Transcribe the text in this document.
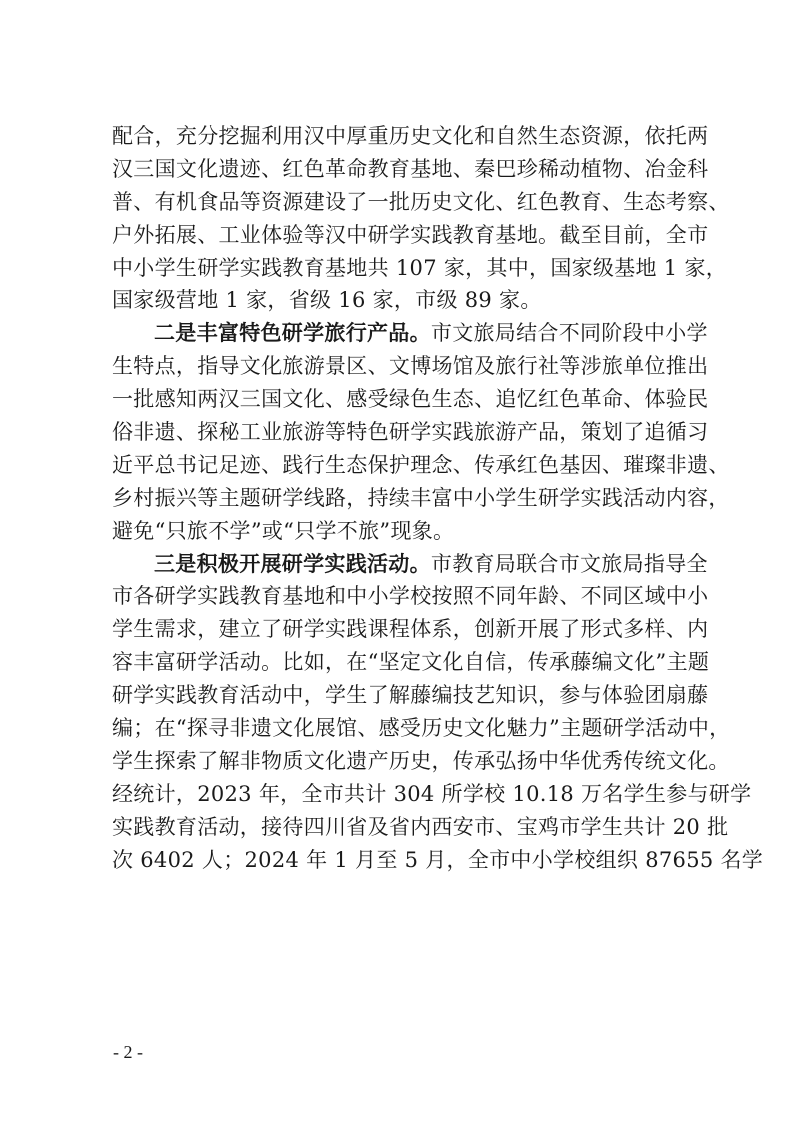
配合，充分挖掘利用汉中厚重历史文化和自然生态资源，依托两
汉三国文化遗迹、红色革命教育基地、秦巴珍稀动植物、冶金科
普、有机食品等资源建设了一批历史文化、红色教育、生态考察、
户外拓展、工业体验等汉中研学实践教育基地。截至目前，全市
中小学生研学实践教育基地共 107 家，其中，国家级基地 1 家，
国家级营地 1 家，省级 16 家，市级 89 家。
二是丰富特色研学旅行产品。市文旅局结合不同阶段中小学
生特点，指导文化旅游景区、文博场馆及旅行社等涉旅单位推出
一批感知两汉三国文化、感受绿色生态、追忆红色革命、体验民
俗非遗、探秘工业旅游等特色研学实践旅游产品，策划了追循习
近平总书记足迹、践行生态保护理念、传承红色基因、璀璨非遗、
乡村振兴等主题研学线路，持续丰富中小学生研学实践活动内容，
避免“只旅不学”或“只学不旅”现象。
三是积极开展研学实践活动。市教育局联合市文旅局指导全
市各研学实践教育基地和中小学校按照不同年龄、不同区域中小
学生需求，建立了研学实践课程体系，创新开展了形式多样、内
容丰富研学活动。比如，在“坚定文化自信，传承藤编文化”主题
研学实践教育活动中，学生了解藤编技艺知识，参与体验团扇藤
编；在“探寻非遗文化展馆、感受历史文化魅力”主题研学活动中，
学生探索了解非物质文化遗产历史，传承弘扬中华优秀传统文化。
经统计，2023 年，全市共计 304 所学校 10.18 万名学生参与研学
实践教育活动，接待四川省及省内西安市、宝鸡市学生共计 20 批
次 6402 人；2024 年 1 月至 5 月，全市中小学校组织 87655 名学
- 2 -
